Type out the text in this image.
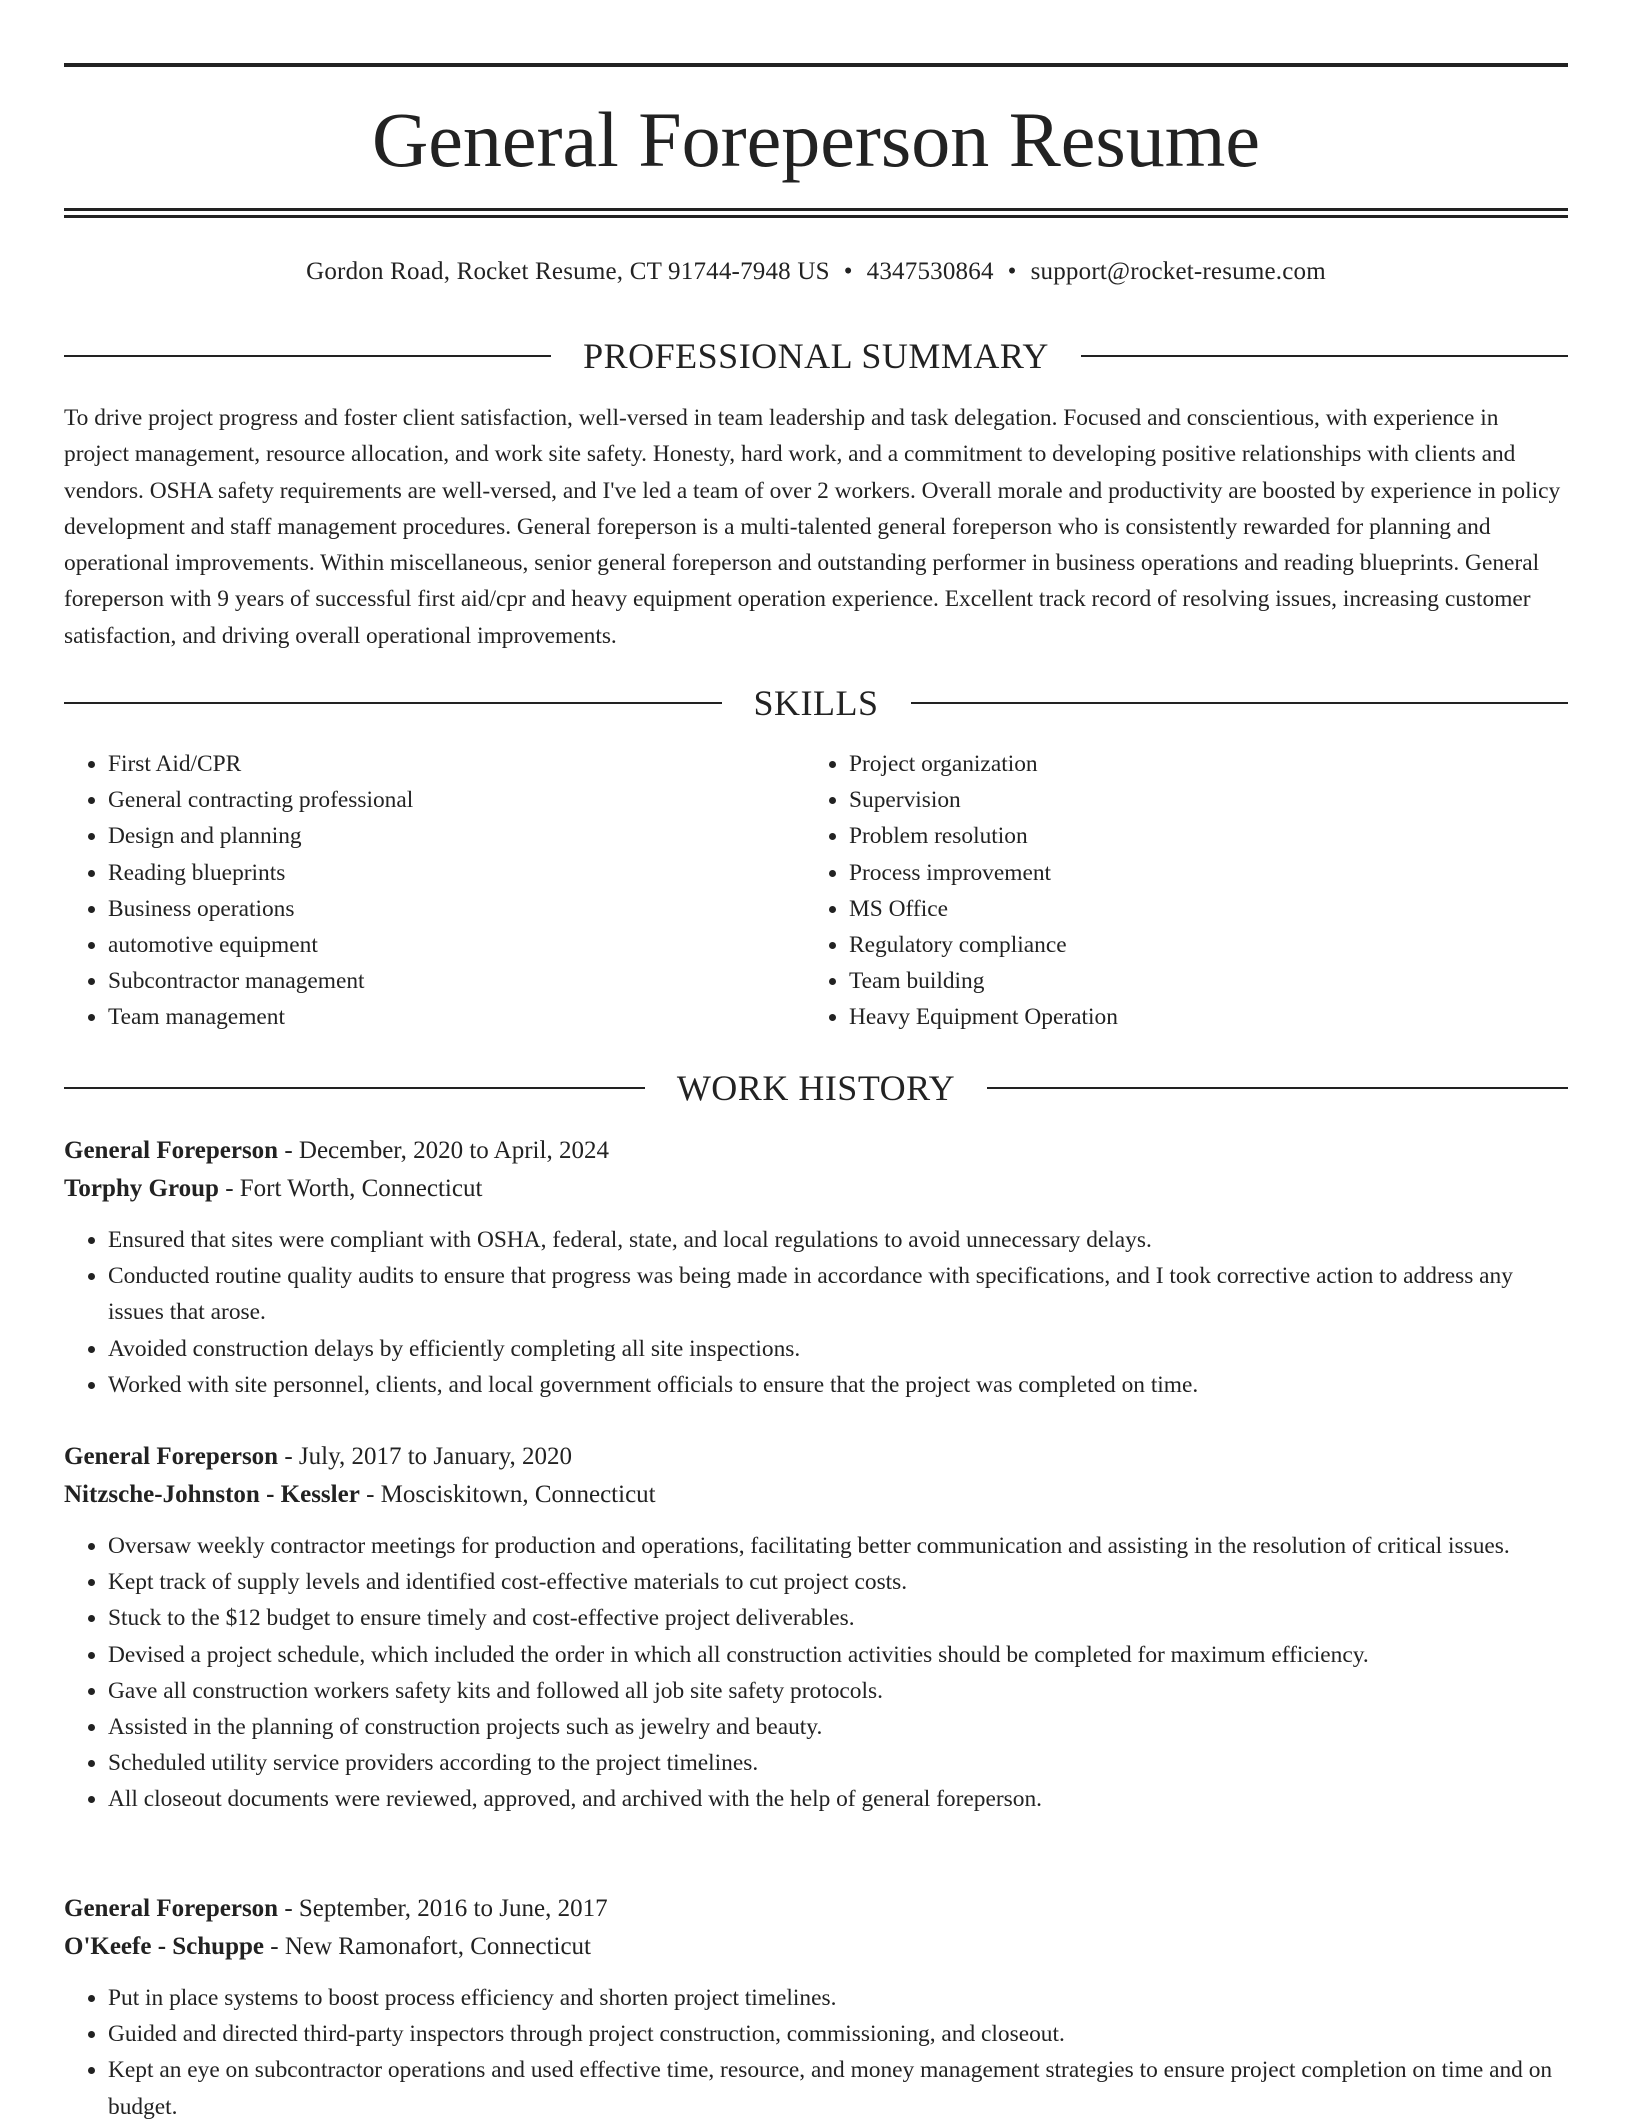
General Foreperson Resume
Gordon Road, Rocket Resume, CT 91744-7948 US • 4347530864 • support@rocket-resume.com
PROFESSIONAL SUMMARY

To drive project progress and foster client satisfaction, well-versed in team leadership and task delegation. Focused and conscientious, with experience in project management, resource allocation, and work site safety. Honesty, hard work, and a commitment to developing positive relationships with clients and vendors. OSHA safety requirements are well-versed, and I've led a team of over 2 workers. Overall morale and productivity are boosted by experience in policy development and staff management procedures. General foreperson is a multi-talented general foreperson who is consistently rewarded for planning and operational improvements. Within miscellaneous, senior general foreperson and outstanding performer in business operations and reading blueprints. General foreperson with 9 years of successful first aid/cpr and heavy equipment operation experience. Excellent track record of resolving issues, increasing customer satisfaction, and driving overall operational improvements.

SKILLS
• First Aid/CPR
• General contracting professional
• Design and planning
• Reading blueprints
• Business operations
• automotive equipment
• Subcontractor management
• Team management
• Project organization
• Supervision
• Problem resolution
• Process improvement
• MS Office
• Regulatory compliance
• Team building
• Heavy Equipment Operation
WORK HISTORY

General Foreperson - December, 2020 to April, 2024

Torphy Group - Fort Worth, Connecticut

• Ensured that sites were compliant with OSHA, federal, state, and local regulations to avoid unnecessary delays.
• Conducted routine quality audits to ensure that progress was being made in accordance with specifications, and I took corrective action to address any issues that arose.
• Avoided construction delays by efficiently completing all site inspections.
• Worked with site personnel, clients, and local government officials to ensure that the project was completed on time.

General Foreperson - July, 2017 to January, 2020

Nitzsche-Johnston - Kessler - Mosciskitown, Connecticut

• Oversaw weekly contractor meetings for production and operations, facilitating better communication and assisting in the resolution of critical issues.
• Kept track of supply levels and identified cost-effective materials to cut project costs.
• Stuck to the $12 budget to ensure timely and cost-effective project deliverables.
• Devised a project schedule, which included the order in which all construction activities should be completed for maximum efficiency.
• Gave all construction workers safety kits and followed all job site safety protocols.
• Assisted in the planning of construction projects such as jewelry and beauty.
• Scheduled utility service providers according to the project timelines.
• All closeout documents were reviewed, approved, and archived with the help of general foreperson.

General Foreperson - September, 2016 to June, 2017

O'Keefe - Schuppe - New Ramonafort, Connecticut

• Put in place systems to boost process efficiency and shorten project timelines.
• Guided and directed third-party inspectors through project construction, commissioning, and closeout.
• Kept an eye on subcontractor operations and used effective time, resource, and money management strategies to ensure project completion on time and on budget.
